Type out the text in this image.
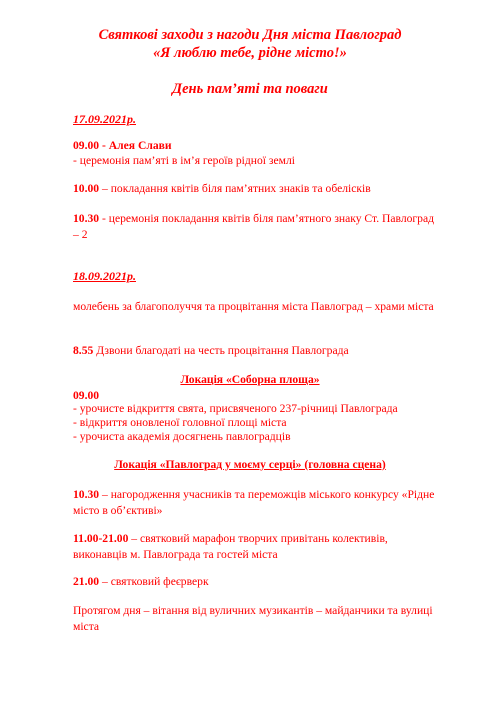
Святкові заходи з нагоди Дня міста Павлоград
«Я люблю тебе, рідне місто!»
День пам’яті та поваги
17.09.2021р.
09.00 - Алея Слави
- церемонія пам’яті в ім’я героїв рідної землі
10.00 – покладання квітів біля пам’ятних знаків та обелісків
10.30 - церемонія покладання квітів біля пам’ятного знаку Ст. Павлоград – 2
18.09.2021р.
молебень за благополуччя та процвітання міста Павлоград – храми міста
8.55 Дзвони благодаті на честь процвітання Павлограда
Локація «Соборна площа»
09.00
- урочисте відкриття свята, присвяченого 237-річниці Павлограда
- відкриття оновленої головної площі міста
- урочиста академія досягнень павлоградців
Локація «Павлоград у моєму серці» (головна сцена)
10.30 – нагородження учасників та переможців міського конкурсу «Рідне місто в об’єктиві»
11.00-21.00 – святковий марафон творчих привітань колективів, виконавців м. Павлограда та гостей міста
21.00 – святковий феєрверк
Протягом дня – вітання від вуличних музикантів – майданчики та вулиці міста
